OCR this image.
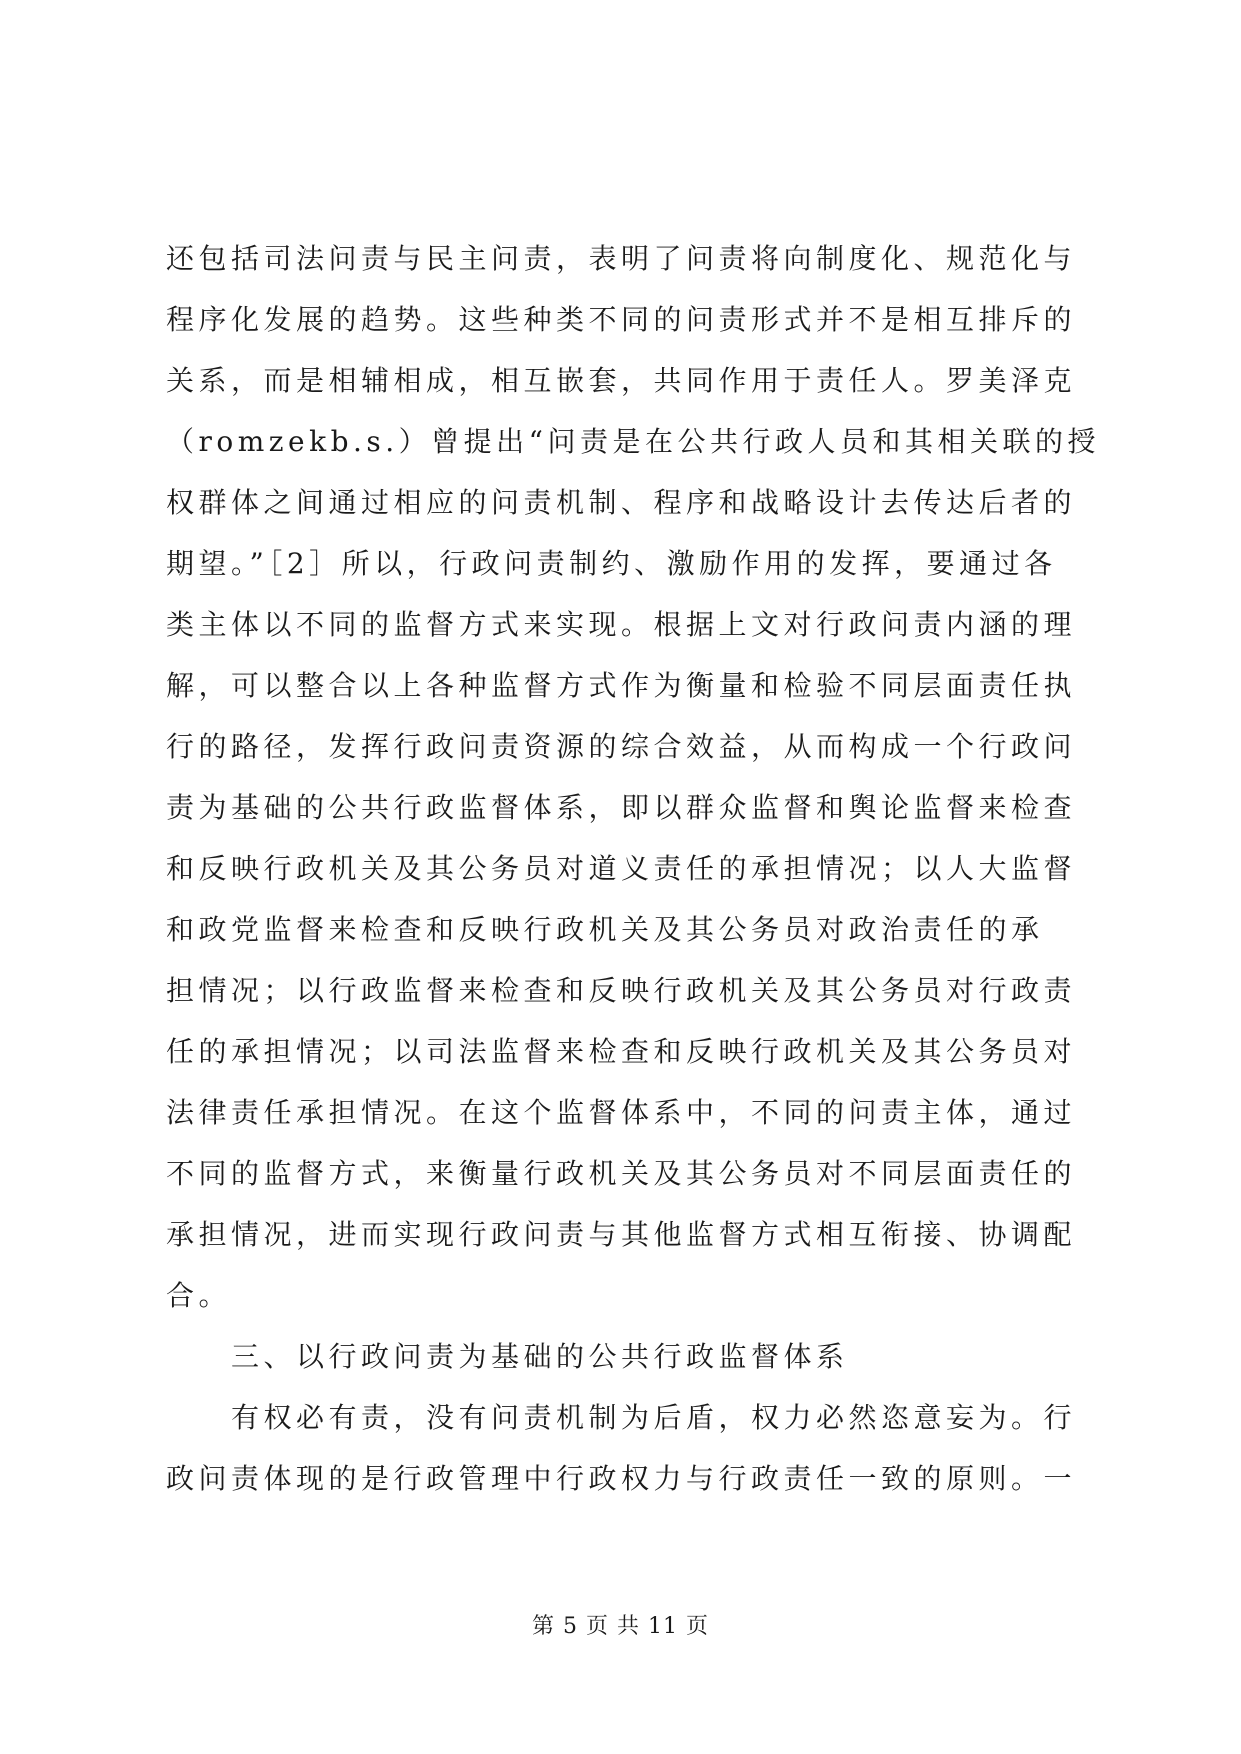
还包括司法问责与民主问责，表明了问责将向制度化、规范化与
程序化发展的趋势。这些种类不同的问责形式并不是相互排斥的
关系，而是相辅相成，相互嵌套，共同作用于责任人。罗美泽克
（romzekb.s.）曾提出“问责是在公共行政人员和其相关联的授
权群体之间通过相应的问责机制、程序和战略设计去传达后者的
期望。”［2］所以，行政问责制约、激励作用的发挥，要通过各
类主体以不同的监督方式来实现。根据上文对行政问责内涵的理
解，可以整合以上各种监督方式作为衡量和检验不同层面责任执
行的路径，发挥行政问责资源的综合效益，从而构成一个行政问
责为基础的公共行政监督体系，即以群众监督和舆论监督来检查
和反映行政机关及其公务员对道义责任的承担情况；以人大监督
和政党监督来检查和反映行政机关及其公务员对政治责任的承
担情况；以行政监督来检查和反映行政机关及其公务员对行政责
任的承担情况；以司法监督来检查和反映行政机关及其公务员对
法律责任承担情况。在这个监督体系中，不同的问责主体，通过
不同的监督方式，来衡量行政机关及其公务员对不同层面责任的
承担情况，进而实现行政问责与其他监督方式相互衔接、协调配
合。
　　三、以行政问责为基础的公共行政监督体系
　　有权必有责，没有问责机制为后盾，权力必然恣意妄为。行
政问责体现的是行政管理中行政权力与行政责任一致的原则。一
第 5 页 共 11 页
